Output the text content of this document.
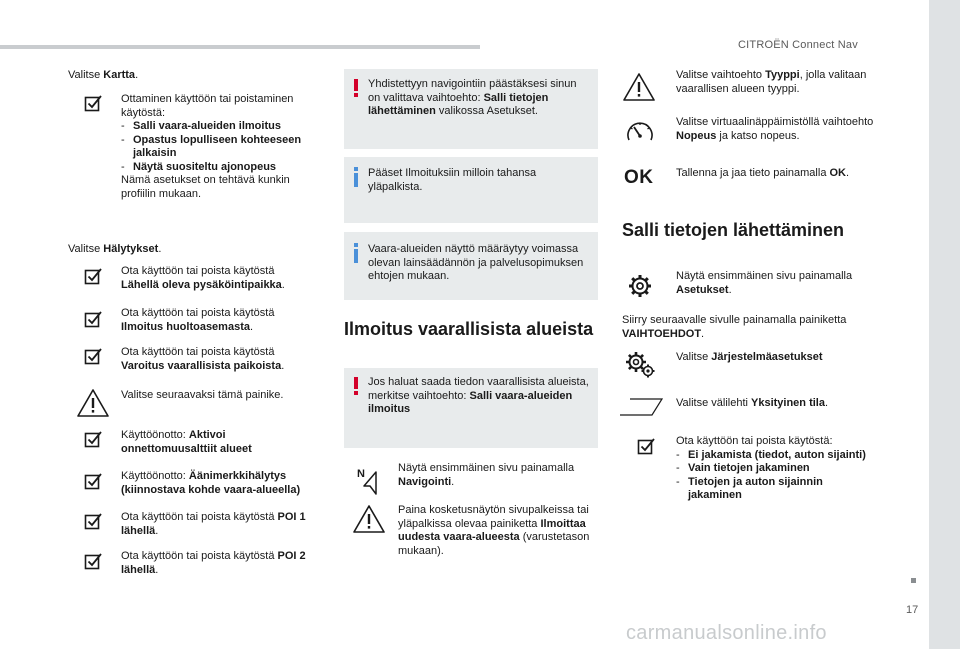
CITROËN Connect Nav
Valitse Kartta.
Ottaminen käyttöön tai poistaminen käytöstä:
- Salli vaara-alueiden ilmoitus
- Opastus lopulliseen kohteeseen jalkaisin
- Näytä suositeltu ajonopeus
Nämä asetukset on tehtävä kunkin profiilin mukaan.
Valitse Hälytykset.
Ota käyttöön tai poista käytöstä
Lähellä oleva pysäköintipaikka.
Ota käyttöön tai poista käytöstä
Ilmoitus huoltoasemasta.
Ota käyttöön tai poista käytöstä
Varoitus vaarallisista paikoista.
Valitse seuraavaksi tämä painike.
Käyttöönotto: Aktivoi onnettomuusalttiit alueet
Käyttöönotto: Äänimerkkihälytys (kiinnostava kohde vaara-alueella)
Ota käyttöön tai poista käytöstä POI 1 lähellä.
Ota käyttöön tai poista käytöstä POI 2 lähellä.
Yhdistettyyn navigointiin päästäksesi sinun on valittava vaihtoehto: Salli tietojen lähettäminen valikossa Asetukset.
Pääset Ilmoituksiin milloin tahansa yläpalkista.
Vaara-alueiden näyttö määräytyy voimassa olevan lainsäädännön ja palvelusopimuksen ehtojen mukaan.
Ilmoitus vaarallisista alueista
Jos haluat saada tiedon vaarallisista alueista, merkitse vaihtoehto: Salli vaara-alueiden ilmoitus
N	Näytä ensimmäinen sivu painamalla Navigointi.
Paina kosketusnäytön sivupalkeissa tai yläpalkissa olevaa painiketta Ilmoittaa uudesta vaara-alueesta (varustetason mukaan).
Valitse vaihtoehto Tyyppi, jolla valitaan vaarallisen alueen tyyppi.
Valitse virtuaalinäppäimistöllä vaihtoehto Nopeus ja katso nopeus.
OK Tallenna ja jaa tieto painamalla OK.
Salli tietojen lähettäminen
Näytä ensimmäinen sivu painamalla Asetukset.
Siirry seuraavalle sivulle painamalla painiketta VAIHTOEHDOT.
Valitse Järjestelmäasetukset
Valitse välilehti Yksityinen tila.
Ota käyttöön tai poista käytöstä:
- Ei jakamista (tiedot, auton sijainti)
- Vain tietojen jakaminen
- Tietojen ja auton sijainnin jakaminen
17
carmanualsonline.info
